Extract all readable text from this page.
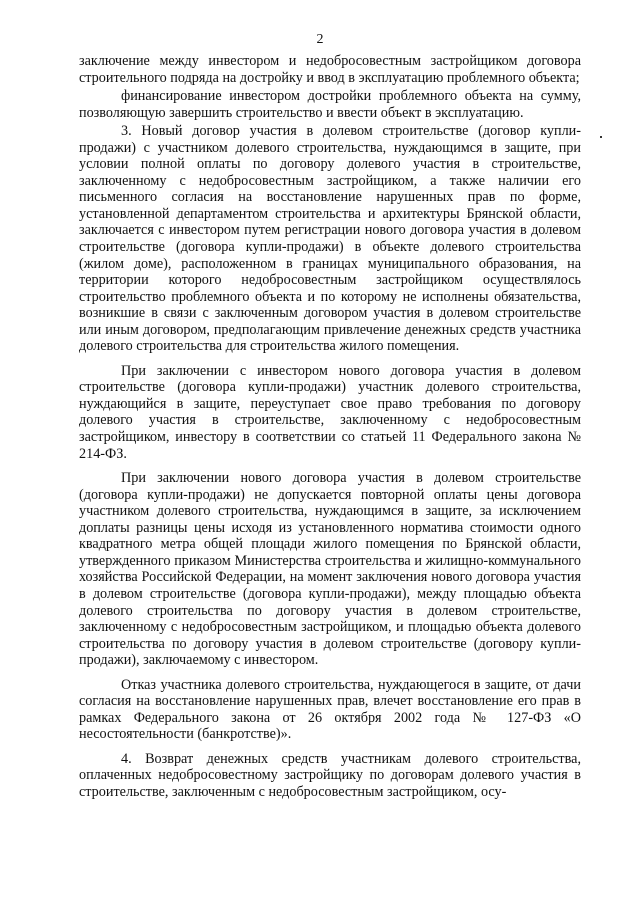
2

заключение между инвестором и недобросовестным застройщиком договора строительного подряда на достройку и ввод в эксплуатацию проблемного объекта;

финансирование инвестором достройки проблемного объекта на сумму, позволяющую завершить строительство и ввести объект в эксплуатацию.

3. Новый договор участия в долевом строительстве (договор купли-продажи) с участником долевого строительства, нуждающимся в защите, при условии полной оплаты по договору долевого участия в строительстве, заключенному с недобросовестным застройщиком, а также наличии его письменного согласия на восстановление нарушенных прав по форме, установленной департаментом строительства и архитектуры Брянской области, заключается с инвестором путем регистрации нового договора участия в долевом строительстве (договора купли-продажи) в объекте долевого строительства (жилом доме), расположенном в границах муниципального образования, на территории которого недобросовестным застройщиком осуществлялось строительство проблемного объекта и по которому не исполнены обязательства, возникшие в связи с заключенным договором участия в долевом строительстве или иным договором, предполагающим привлечение денежных средств участника долевого строительства для строительства жилого помещения.

При заключении с инвестором нового договора участия в долевом строительстве (договора купли-продажи) участник долевого строительства, нуждающийся в защите, переуступает свое право требования по договору долевого участия в строительстве, заключенному с недобросовестным застройщиком, инвестору в соответствии со статьей 11 Федерального закона № 214-ФЗ.

При заключении нового договора участия в долевом строительстве (договора купли-продажи) не допускается повторной оплаты цены договора участником долевого строительства, нуждающимся в защите, за исключением доплаты разницы цены исходя из установленного норматива стоимости одного квадратного метра общей площади жилого помещения по Брянской области, утвержденного приказом Министерства строительства и жилищно-коммунального хозяйства Российской Федерации, на момент заключения нового договора участия в долевом строительстве (договора купли-продажи), между площадью объекта долевого строительства по договору участия в долевом строительстве, заключенному с недобросовестным застройщиком, и площадью объекта долевого строительства по договору участия в долевом строительстве (договору купли-продажи), заключаемому с инвестором.

Отказ участника долевого строительства, нуждающегося в защите, от дачи согласия на восстановление нарушенных прав, влечет восстановление его прав в рамках Федерального закона от 26 октября 2002 года № 127-ФЗ «О несостоятельности (банкротстве)».

4. Возврат денежных средств участникам долевого строительства, оплаченных недобросовестному застройщику по договорам долевого участия в строительстве, заключенным с недобросовестным застройщиком, осу-
